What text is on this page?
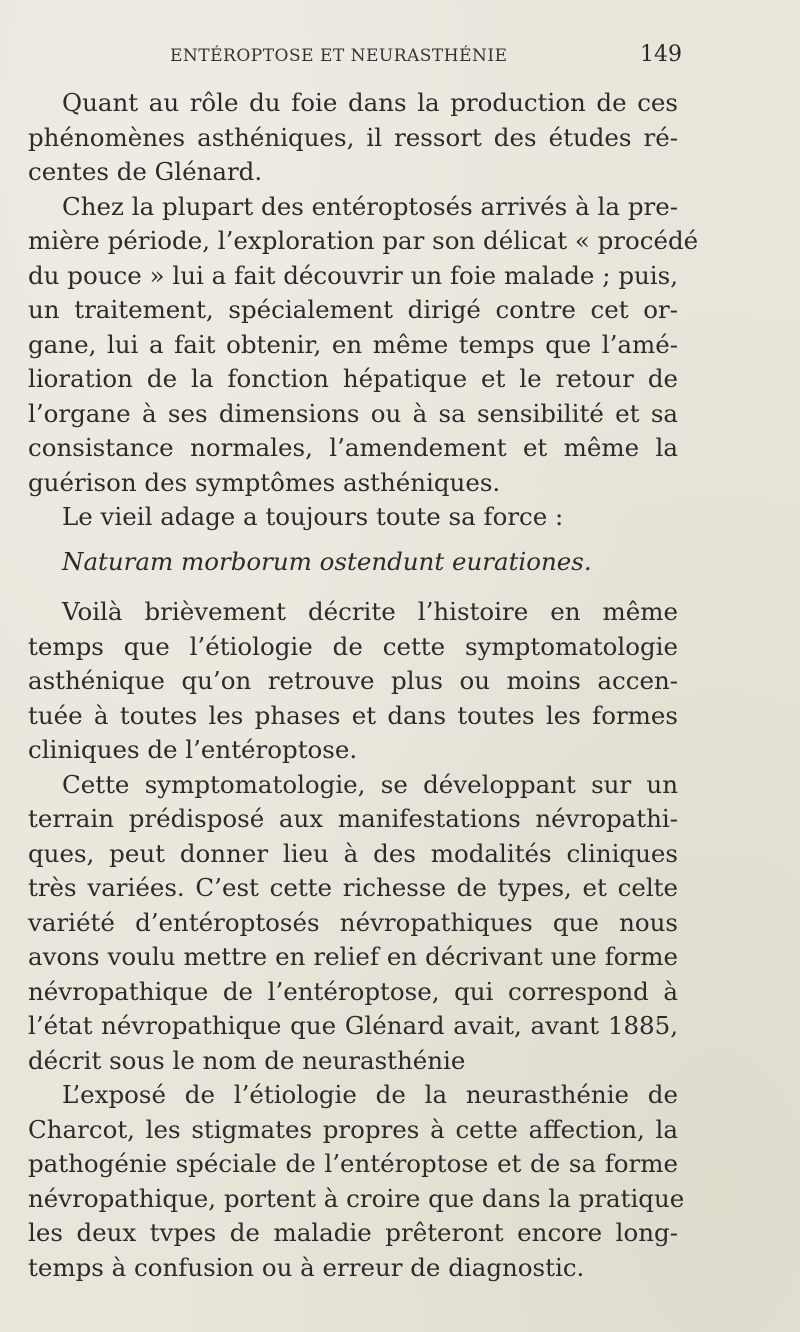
ENTÉROPTOSE ET NEURASTHÉNIE	149
Quant au rôle du foie dans la production de ces
phénomènes asthéniques, il ressort des études ré-
centes de Glénard.
Chez la plupart des entéroptosés arrivés à la pre-
mière période, l’exploration par son délicat « procédé
du pouce » lui a fait découvrir un foie malade ; puis,
un traitement, spécialement dirigé contre cet or-
gane, lui a fait obtenir, en même temps que l’amé-
lioration de la fonction hépatique et le retour de
l’organe à ses dimensions ou à sa sensibilité et sa
consistance normales, l’amendement et même la
guérison des symptômes asthéniques.
Le vieil adage a toujours toute sa force :
Naturam morborum ostendunt eurationes.
Voilà brièvement décrite l’histoire en même
temps que l’étiologie de cette symptomatologie
asthénique qu’on retrouve plus ou moins accen-
tuée à toutes les phases et dans toutes les formes
cliniques de l’entéroptose.
Cette symptomatologie, se développant sur un
terrain prédisposé aux manifestations névropathi-
ques, peut donner lieu à des modalités cliniques
très variées. C’est cette richesse de types, et celte
variété d’entéroptosés névropathiques que nous
avons voulu mettre en relief en décrivant une forme
névropathique de l’entéroptose, qui correspond à
l’état névropathique que Glénard avait, avant 1885,
décrit sous le nom de neurasthénie
L’exposé de l’étiologie de la neurasthénie de
Charcot, les stigmates propres à cette affection, la
pathogénie spéciale de l’entéroptose et de sa forme
névropathique, portent à croire que dans la pratique
les deux tvpes de maladie prêteront encore long-
temps à confusion ou à erreur de diagnostic.
